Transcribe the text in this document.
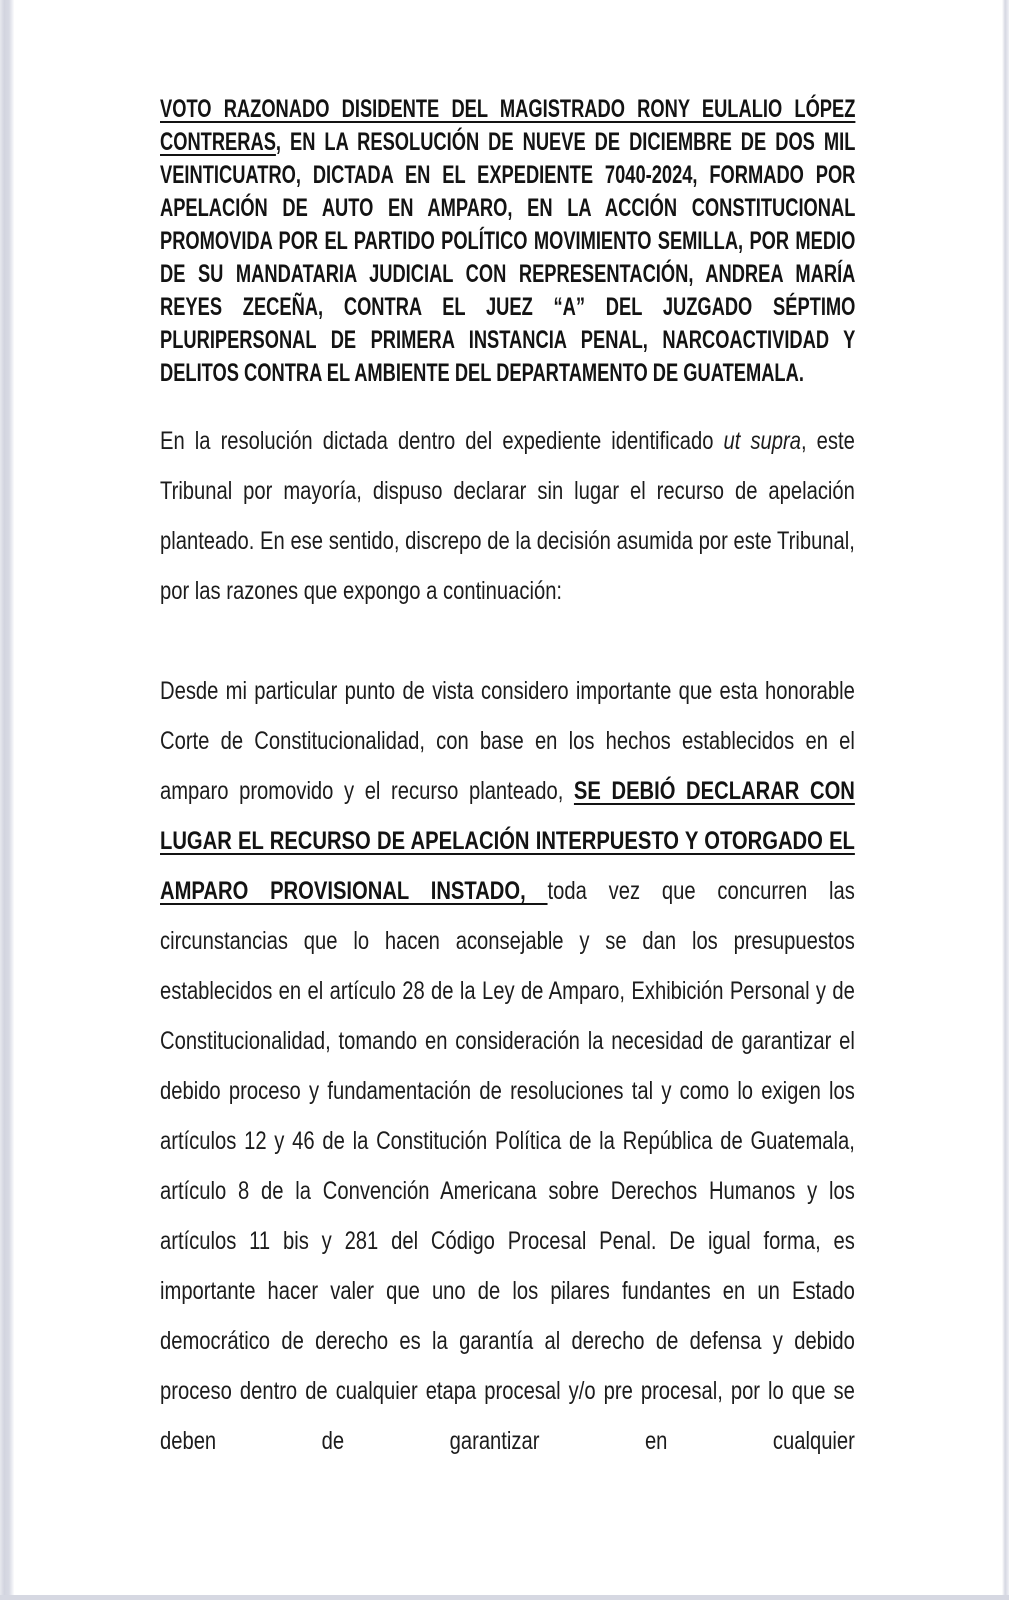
VOTO RAZONADO DISIDENTE DEL MAGISTRADO RONY EULALIO LÓPEZ CONTRERAS, EN LA RESOLUCIÓN DE NUEVE DE DICIEMBRE DE DOS MIL VEINTICUATRO, DICTADA EN EL EXPEDIENTE 7040-2024, FORMADO POR APELACIÓN DE AUTO EN AMPARO, EN LA ACCIÓN CONSTITUCIONAL PROMOVIDA POR EL PARTIDO POLÍTICO MOVIMIENTO SEMILLA, POR MEDIO DE SU MANDATARIA JUDICIAL CON REPRESENTACIÓN, ANDREA MARÍA REYES ZECEÑA, CONTRA EL JUEZ “A” DEL JUZGADO SÉPTIMO PLURIPERSONAL DE PRIMERA INSTANCIA PENAL, NARCOACTIVIDAD Y DELITOS CONTRA EL AMBIENTE DEL DEPARTAMENTO DE GUATEMALA.

En la resolución dictada dentro del expediente identificado ut supra, este Tribunal por mayoría, dispuso declarar sin lugar el recurso de apelación planteado. En ese sentido, discrepo de la decisión asumida por este Tribunal, por las razones que expongo a continuación:

Desde mi particular punto de vista considero importante que esta honorable Corte de Constitucionalidad, con base en los hechos establecidos en el amparo promovido y el recurso planteado, SE DEBIÓ DECLARAR CON LUGAR EL RECURSO DE APELACIÓN INTERPUESTO Y OTORGADO EL AMPARO PROVISIONAL INSTADO, toda vez que concurren las circunstancias que lo hacen aconsejable y se dan los presupuestos establecidos en el artículo 28 de la Ley de Amparo, Exhibición Personal y de Constitucionalidad, tomando en consideración la necesidad de garantizar el debido proceso y fundamentación de resoluciones tal y como lo exigen los artículos 12 y 46 de la Constitución Política de la República de Guatemala, artículo 8 de la Convención Americana sobre Derechos Humanos y los artículos 11 bis y 281 del Código Procesal Penal. De igual forma, es importante hacer valer que uno de los pilares fundantes en un Estado democrático de derecho es la garantía al derecho de defensa y debido proceso dentro de cualquier etapa procesal y/o pre procesal, por lo que se deben de garantizar en cualquier
